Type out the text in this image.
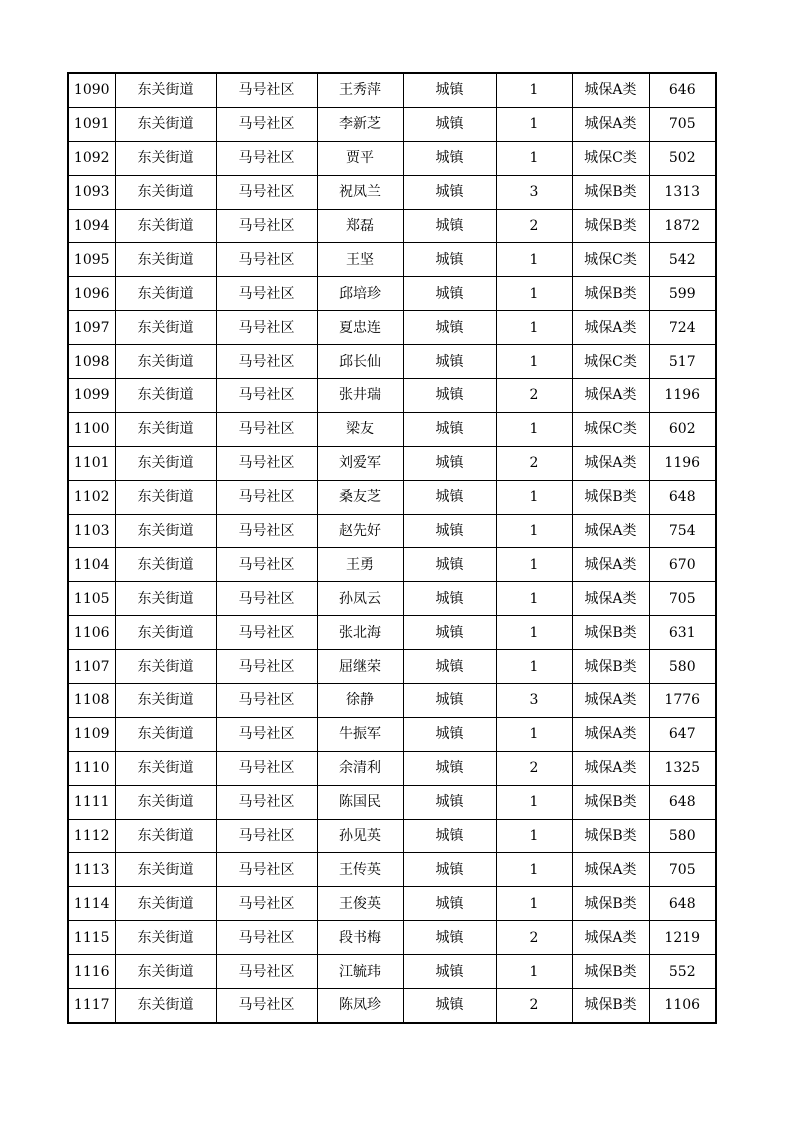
1090	东关街道	马号社区	王秀萍	城镇	1	城保A类	646
1091	东关街道	马号社区	李新芝	城镇	1	城保A类	705
1092	东关街道	马号社区	贾平	城镇	1	城保C类	502
1093	东关街道	马号社区	祝凤兰	城镇	3	城保B类	1313
1094	东关街道	马号社区	郑磊	城镇	2	城保B类	1872
1095	东关街道	马号社区	王坚	城镇	1	城保C类	542
1096	东关街道	马号社区	邱培珍	城镇	1	城保B类	599
1097	东关街道	马号社区	夏忠连	城镇	1	城保A类	724
1098	东关街道	马号社区	邱长仙	城镇	1	城保C类	517
1099	东关街道	马号社区	张井瑞	城镇	2	城保A类	1196
1100	东关街道	马号社区	梁友	城镇	1	城保C类	602
1101	东关街道	马号社区	刘爱军	城镇	2	城保A类	1196
1102	东关街道	马号社区	桑友芝	城镇	1	城保B类	648
1103	东关街道	马号社区	赵先好	城镇	1	城保A类	754
1104	东关街道	马号社区	王勇	城镇	1	城保A类	670
1105	东关街道	马号社区	孙凤云	城镇	1	城保A类	705
1106	东关街道	马号社区	张北海	城镇	1	城保B类	631
1107	东关街道	马号社区	屈继荣	城镇	1	城保B类	580
1108	东关街道	马号社区	徐静	城镇	3	城保A类	1776
1109	东关街道	马号社区	牛振军	城镇	1	城保A类	647
1110	东关街道	马号社区	余清利	城镇	2	城保A类	1325
1111	东关街道	马号社区	陈国民	城镇	1	城保B类	648
1112	东关街道	马号社区	孙见英	城镇	1	城保B类	580
1113	东关街道	马号社区	王传英	城镇	1	城保A类	705
1114	东关街道	马号社区	王俊英	城镇	1	城保B类	648
1115	东关街道	马号社区	段书梅	城镇	2	城保A类	1219
1116	东关街道	马号社区	江毓玮	城镇	1	城保B类	552
1117	东关街道	马号社区	陈凤珍	城镇	2	城保B类	1106
